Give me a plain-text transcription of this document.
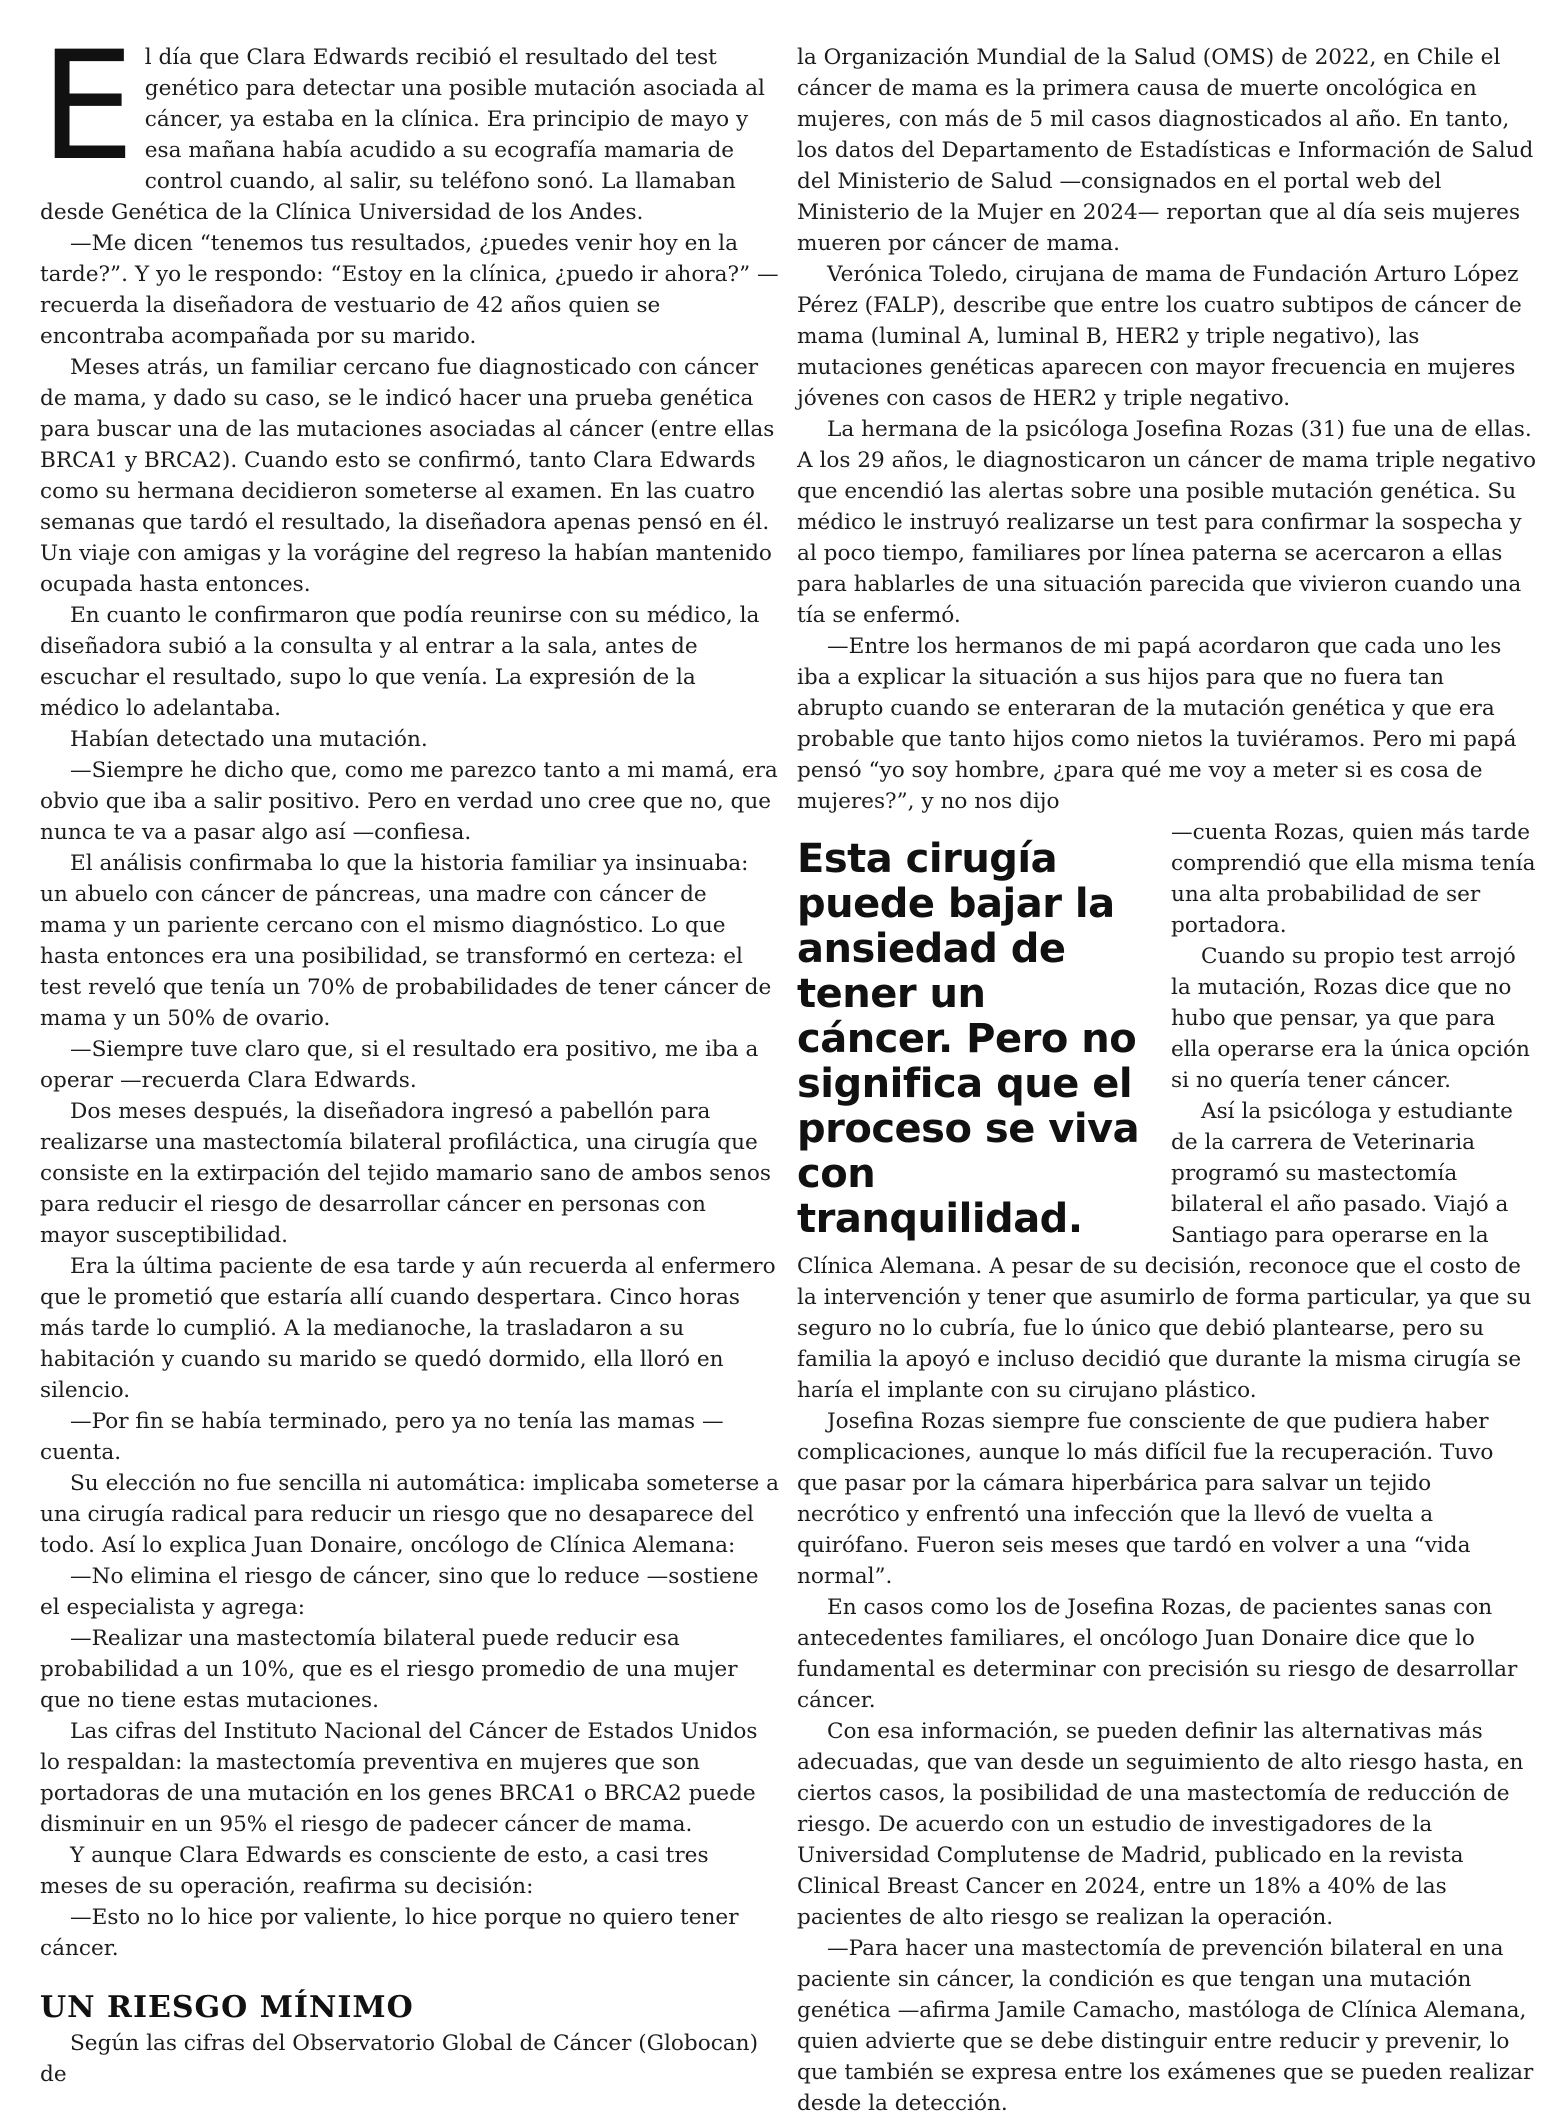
El día que Clara Edwards recibió el resultado del test genético para detectar una posible mutación asociada al cáncer, ya estaba en la clínica. Era principio de mayo y esa mañana había acudido a su ecografía mamaria de control cuando, al salir, su teléfono sonó. La llamaban desde Genética de la Clínica Universidad de los Andes.

—Me dicen “tenemos tus resultados, ¿puedes venir hoy en la tarde?”. Y yo le respondo: “Estoy en la clínica, ¿puedo ir ahora?” —recuerda la diseñadora de vestuario de 42 años quien se encontraba acompañada por su marido.

Meses atrás, un familiar cercano fue diagnosticado con cáncer de mama, y dado su caso, se le indicó hacer una prueba genética para buscar una de las mutaciones asociadas al cáncer (entre ellas BRCA1 y BRCA2). Cuando esto se confirmó, tanto Clara Edwards como su hermana decidieron someterse al examen. En las cuatro semanas que tardó el resultado, la diseñadora apenas pensó en él. Un viaje con amigas y la vorágine del regreso la habían mantenido ocupada hasta entonces.

En cuanto le confirmaron que podía reunirse con su médico, la diseñadora subió a la consulta y al entrar a la sala, antes de escuchar el resultado, supo lo que venía. La expresión de la médico lo adelantaba.

Habían detectado una mutación.

—Siempre he dicho que, como me parezco tanto a mi mamá, era obvio que iba a salir positivo. Pero en verdad uno cree que no, que nunca te va a pasar algo así —confiesa.

El análisis confirmaba lo que la historia familiar ya insinuaba: un abuelo con cáncer de páncreas, una madre con cáncer de mama y un pariente cercano con el mismo diagnóstico. Lo que hasta entonces era una posibilidad, se transformó en certeza: el test reveló que tenía un 70% de probabilidades de tener cáncer de mama y un 50% de ovario.

—Siempre tuve claro que, si el resultado era positivo, me iba a operar —recuerda Clara Edwards.

Dos meses después, la diseñadora ingresó a pabellón para realizarse una mastectomía bilateral profiláctica, una cirugía que consiste en la extirpación del tejido mamario sano de ambos senos para reducir el riesgo de desarrollar cáncer en personas con mayor susceptibilidad.

Era la última paciente de esa tarde y aún recuerda al enfermero que le prometió que estaría allí cuando despertara. Cinco horas más tarde lo cumplió. A la medianoche, la trasladaron a su habitación y cuando su marido se quedó dormido, ella lloró en silencio.

—Por fin se había terminado, pero ya no tenía las mamas —cuenta.

Su elección no fue sencilla ni automática: implicaba someterse a una cirugía radical para reducir un riesgo que no desaparece del todo. Así lo explica Juan Donaire, oncólogo de Clínica Alemana:

—No elimina el riesgo de cáncer, sino que lo reduce —sostiene el especialista y agrega:

—Realizar una mastectomía bilateral puede reducir esa probabilidad a un 10%, que es el riesgo promedio de una mujer que no tiene estas mutaciones.

Las cifras del Instituto Nacional del Cáncer de Estados Unidos lo respaldan: la mastectomía preventiva en mujeres que son portadoras de una mutación en los genes BRCA1 o BRCA2 puede disminuir en un 95% el riesgo de padecer cáncer de mama.

Y aunque Clara Edwards es consciente de esto, a casi tres meses de su operación, reafirma su decisión:

—Esto no lo hice por valiente, lo hice porque no quiero tener cáncer.

UN RIESGO MÍNIMO

Según las cifras del Observatorio Global de Cáncer (Globocan) de

la Organización Mundial de la Salud (OMS) de 2022, en Chile el cáncer de mama es la primera causa de muerte oncológica en mujeres, con más de 5 mil casos diagnosticados al año. En tanto, los datos del Departamento de Estadísticas e Información de Salud del Ministerio de Salud —consignados en el portal web del Ministerio de la Mujer en 2024— reportan que al día seis mujeres mueren por cáncer de mama.

Verónica Toledo, cirujana de mama de Fundación Arturo López Pérez (FALP), describe que entre los cuatro subtipos de cáncer de mama (luminal A, luminal B, HER2 y triple negativo), las mutaciones genéticas aparecen con mayor frecuencia en mujeres jóvenes con casos de HER2 y triple negativo.

La hermana de la psicóloga Josefina Rozas (31) fue una de ellas. A los 29 años, le diagnosticaron un cáncer de mama triple negativo que encendió las alertas sobre una posible mutación genética. Su médico le instruyó realizarse un test para confirmar la sospecha y al poco tiempo, familiares por línea paterna se acercaron a ellas para hablarles de una situación parecida que vivieron cuando una tía se enfermó.

—Entre los hermanos de mi papá acordaron que cada uno les iba a explicar la situación a sus hijos para que no fuera tan abrupto cuando se enteraran de la mutación genética y que era probable que tanto hijos como nietos la tuviéramos. Pero mi papá pensó “yo soy hombre, ¿para qué me voy a meter si es cosa de mujeres?”, y no nos dijo

Esta cirugía puede bajar la ansiedad de tener un cáncer. Pero no significa que el proceso se viva con tranquilidad.

—cuenta Rozas, quien más tarde comprendió que ella misma tenía una alta probabilidad de ser portadora.

Cuando su propio test arrojó la mutación, Rozas dice que no hubo que pensar, ya que para ella operarse era la única opción si no quería tener cáncer.

Así la psicóloga y estudiante de la carrera de Veterinaria programó su mastectomía bilateral el año pasado. Viajó a Santiago para operarse en la Clínica Alemana. A pesar de su decisión, reconoce que el costo de la intervención y tener que asumirlo de forma particular, ya que su seguro no lo cubría, fue lo único que debió plantearse, pero su familia la apoyó e incluso decidió que durante la misma cirugía se haría el implante con su cirujano plástico.

Josefina Rozas siempre fue consciente de que pudiera haber complicaciones, aunque lo más difícil fue la recuperación. Tuvo que pasar por la cámara hiperbárica para salvar un tejido necrótico y enfrentó una infección que la llevó de vuelta a quirófano. Fueron seis meses que tardó en volver a una “vida normal”.

En casos como los de Josefina Rozas, de pacientes sanas con antecedentes familiares, el oncólogo Juan Donaire dice que lo fundamental es determinar con precisión su riesgo de desarrollar cáncer.

Con esa información, se pueden definir las alternativas más adecuadas, que van desde un seguimiento de alto riesgo hasta, en ciertos casos, la posibilidad de una mastectomía de reducción de riesgo. De acuerdo con un estudio de investigadores de la Universidad Complutense de Madrid, publicado en la revista Clinical Breast Cancer en 2024, entre un 18% a 40% de las pacientes de alto riesgo se realizan la operación.

—Para hacer una mastectomía de prevención bilateral en una paciente sin cáncer, la condición es que tengan una mutación genética —afirma Jamile Camacho, mastóloga de Clínica Alemana, quien advierte que se debe distinguir entre reducir y prevenir, lo que también se expresa entre los exámenes que se pueden realizar desde la detección.
